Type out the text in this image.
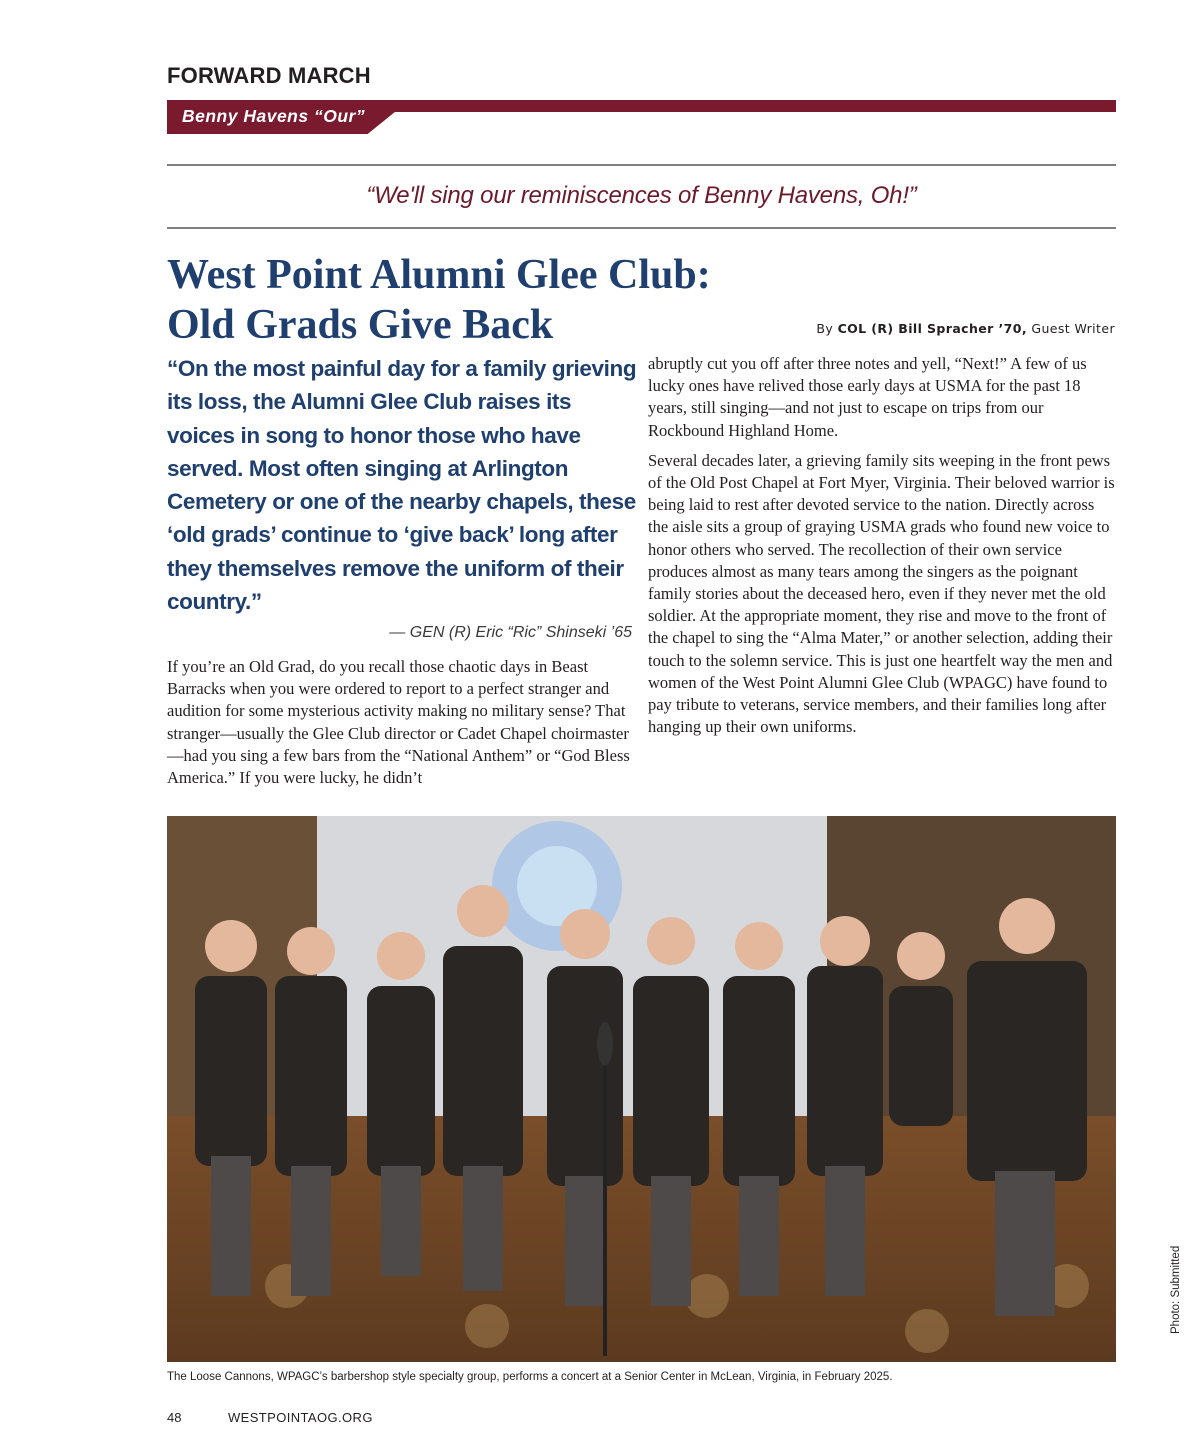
FORWARD MARCH
Benny Havens “Our”
“We'll sing our reminiscences of Benny Havens, Oh!”
West Point Alumni Glee Club:
Old Grads Give Back	By COL (R) Bill Spracher ’70, Guest Writer
“On the most painful day for a family grieving its loss, the Alumni Glee Club raises its voices in song to honor those who have served. Most often singing at Arlington Cemetery or one of the nearby chapels, these ‘old grads’ continue to ‘give back’ long after they themselves remove the uniform of their country.”
— GEN (R) Eric “Ric” Shinseki ’65

If you’re an Old Grad, do you recall those chaotic days in Beast Barracks when you were ordered to report to a perfect stranger and audition for some mysterious activity making no military sense? That stranger—usually the Glee Club director or Cadet Chapel choirmaster—had you sing a few bars from the “National Anthem” or “God Bless America.” If you were lucky, he didn’t

abruptly cut you off after three notes and yell, “Next!” A few of us lucky ones have relived those early days at USMA for the past 18 years, still singing—and not just to escape on trips from our Rockbound Highland Home.

Several decades later, a grieving family sits weeping in the front pews of the Old Post Chapel at Fort Myer, Virginia. Their beloved warrior is being laid to rest after devoted service to the nation. Directly across the aisle sits a group of graying USMA grads who found new voice to honor others who served. The recollection of their own service produces almost as many tears among the singers as the poignant family stories about the deceased hero, even if they never met the old soldier. At the appropriate moment, they rise and move to the front of the chapel to sing the “Alma Mater,” or another selection, adding their touch to the solemn service. This is just one heartfelt way the men and women of the West Point Alumni Glee Club (WPAGC) have found to pay tribute to veterans, service members, and their families long after hanging up their own uniforms.

The Loose Cannons, WPAGC’s barbershop style specialty group, performs a concert at a Senior Center in McLean, Virginia, in February 2025.
Photo: Submitted
48	WESTPOINTAOG.ORG
